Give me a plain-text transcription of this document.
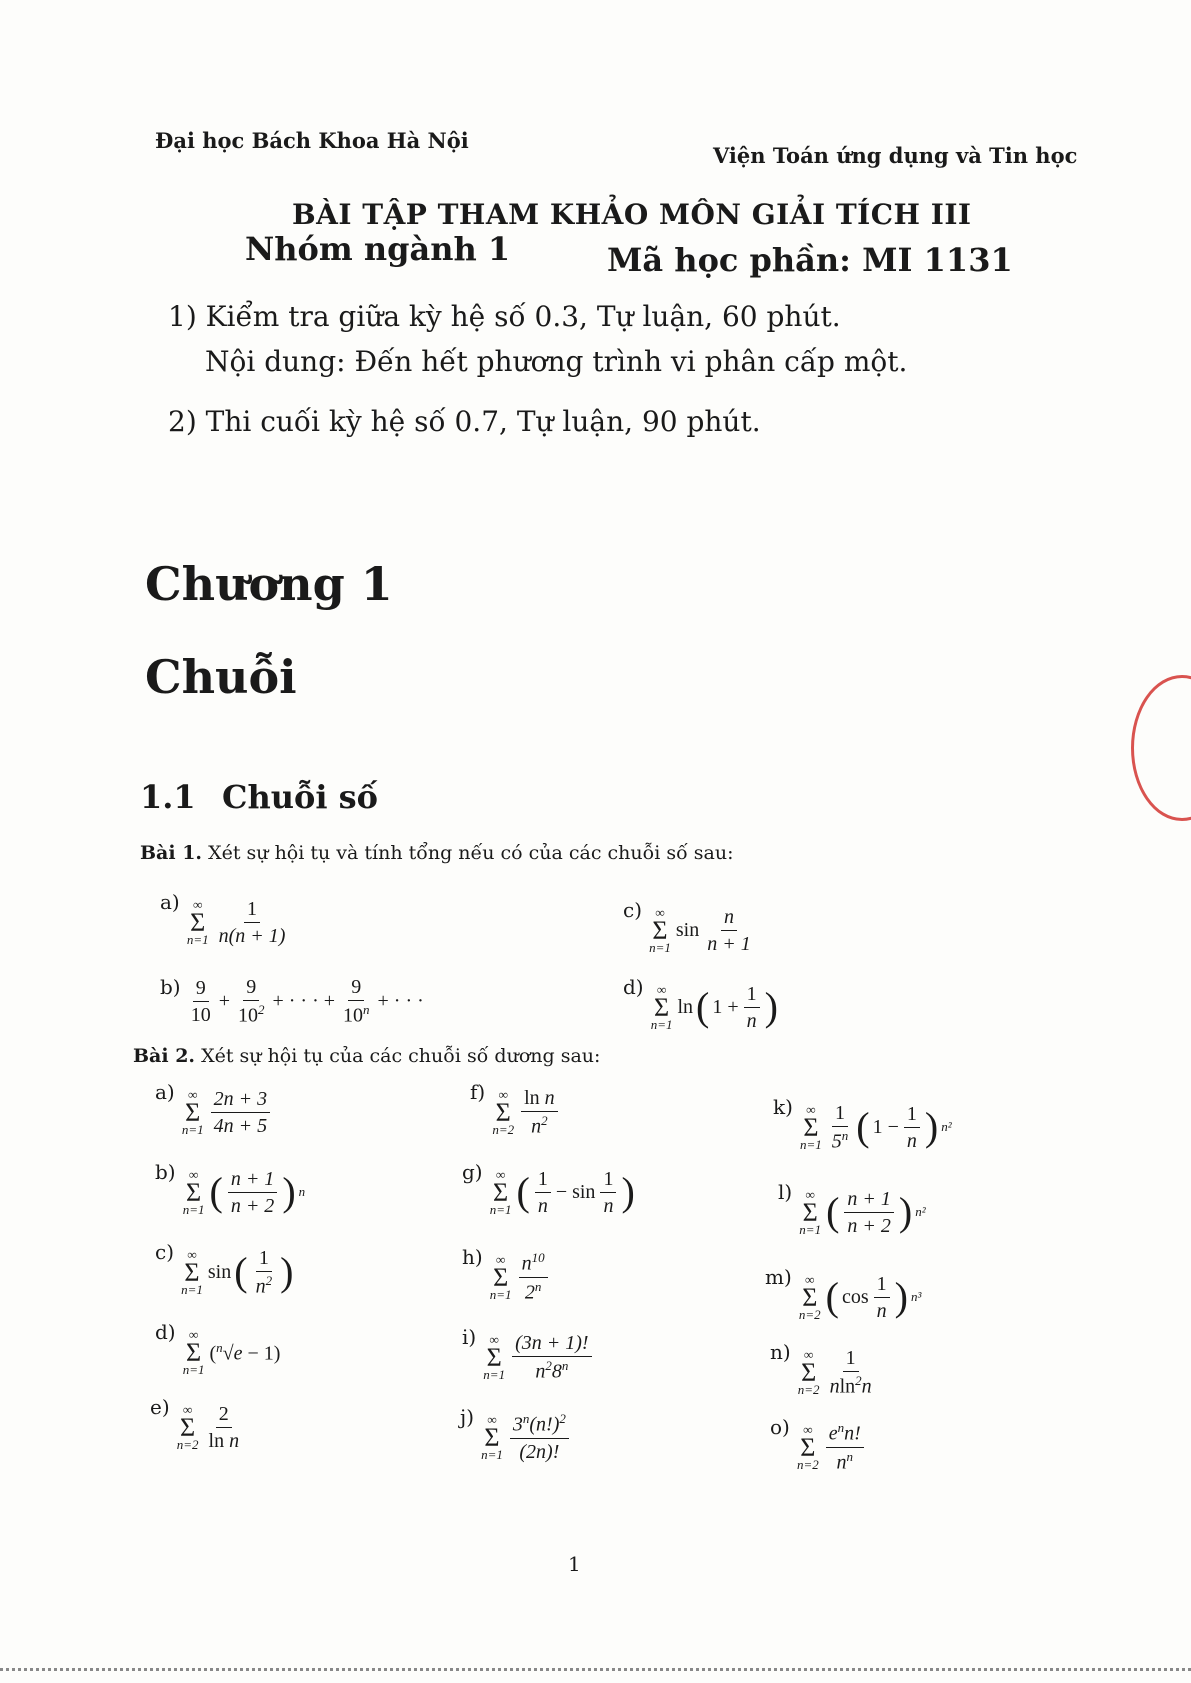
Đại học Bách Khoa Hà Nội
Viện Toán ứng dụng và Tin học
BÀI TẬP THAM KHẢO MÔN GIẢI TÍCH III
Nhóm ngành 1	Mã học phần: MI 1131
1) Kiểm tra giữa kỳ hệ số 0.3, Tự luận, 60 phút.
Nội dung: Đến hết phương trình vi phân cấp một.
2) Thi cuối kỳ hệ số 0.7, Tự luận, 90 phút.
Chương 1
Chuỗi
1.1 Chuỗi số
Bài 1. Xét sự hội tụ và tính tổng nếu có của các chuỗi số sau:
a) ∞
Σ
$n=1 \frac{1}{n(n + 1)}$	c) ∞
Σ
n=1
$\sin \frac{n}{n + 1}$
$b) \frac{9}{10} + \frac{9}{10^2}$ + · · · + $\frac{9}{10^n}$ + · · ·
d) ∞
Σ
n=1
ln ( $1 + \frac{1}{n}$ )
Bài 2. Xét sự hội tụ của các chuỗi số dương sau:
a) ∞
Σ
$n=1 \frac{2n + 3}{4n + 5}$
b) ∞
Σ
n=1 ( $\frac{n + 1}{n + 2}$ ) n
c) ∞
Σ
n=1
sin ( $\frac{1}{n^2}$ )
d) ∞
Σ
n=1
($^n$√e − 1)
e) ∞
Σ
$n=2 \frac{2}{\text{ln n}}$
f) ∞
Σ
$n=2 \frac{\text{ln n}}{n^2}$
g) ∞
Σ
n=1 ( $\frac{1}{n} - \sin \frac{1}{n}$ )
h) ∞
Σ
$n=1 \frac{n^{10}}{2^n}$
i) ∞
Σ
$n=1 \frac{(3n + 1)!}{n^28^n}$
j) ∞
Σ
$n=1 \frac{3^n(n!)^2}{(2n)!}$
k) ∞
Σ
$n=1 \frac{1}{5^n}$ ( $1 - \frac{1}{n}$ ) n²
l) ∞
Σ
n=1 ( $\frac{n + 1}{n + 2}$ ) n²
m) ∞
Σ
n=2 ( $\cos \frac{1}{n}$ ) n³
n) ∞
Σ
$n=2 \frac{1}{nln^2n}$
o) ∞
Σ
$n=2 \frac{e^nn!}{n^n}$
1
